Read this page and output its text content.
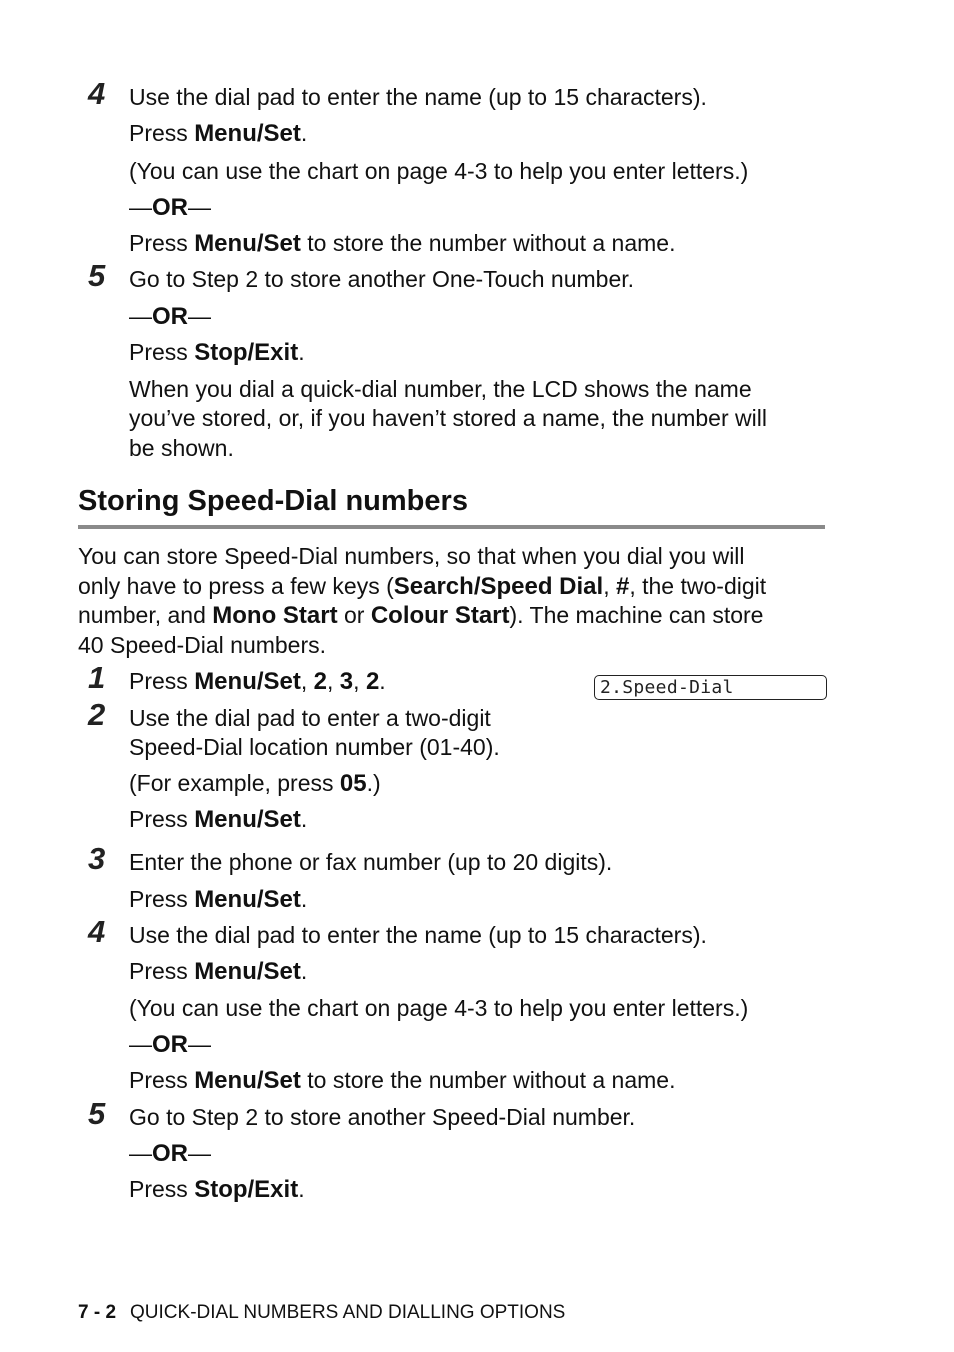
4 Use the dial pad to enter the name (up to 15 characters).
Press Menu/Set.
(You can use the chart on page 4-3 to help you enter letters.)
—OR—
Press Menu/Set to store the number without a name.
5 Go to Step 2 to store another One-Touch number.
—OR—
Press Stop/Exit.
When you dial a quick-dial number, the LCD shows the name
you’ve stored, or, if you haven’t stored a name, the number will
be shown.
Storing Speed-Dial numbers
You can store Speed-Dial numbers, so that when you dial you will
only have to press a few keys (Search/Speed Dial, #, the two-digit
number, and Mono Start or Colour Start). The machine can store
40 Speed-Dial numbers.
1 Press Menu/Set, 2, 3, 2.	2.Speed-Dial
2 Use the dial pad to enter a two-digit
Speed-Dial location number (01-40).
(For example, press 05.)
Press Menu/Set.
3 Enter the phone or fax number (up to 20 digits).
Press Menu/Set.
4 Use the dial pad to enter the name (up to 15 characters).
Press Menu/Set.
(You can use the chart on page 4-3 to help you enter letters.)
—OR—
Press Menu/Set to store the number without a name.
5 Go to Step 2 to store another Speed-Dial number.
—OR—
Press Stop/Exit.
7 - 2 QUICK-DIAL NUMBERS AND DIALLING OPTIONS
